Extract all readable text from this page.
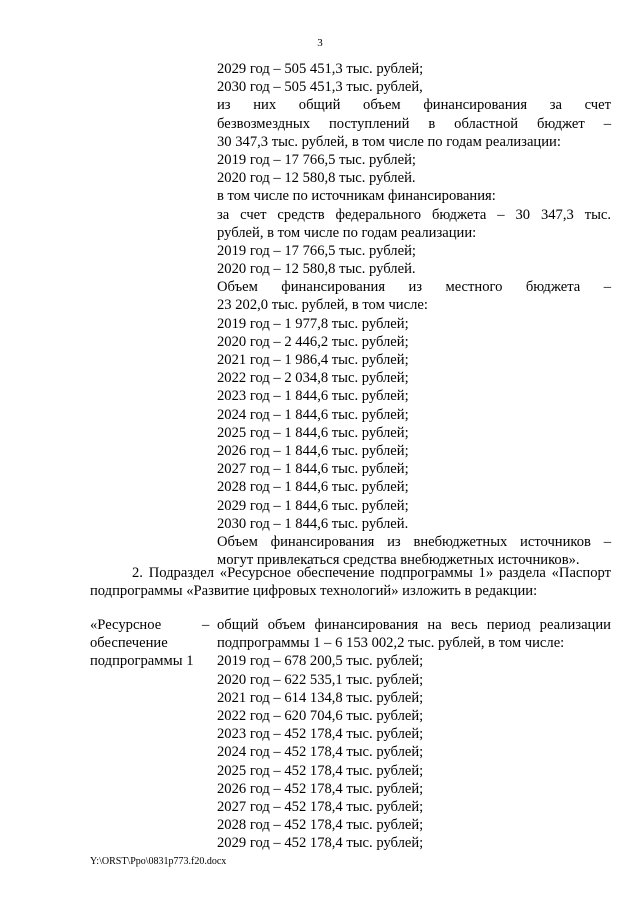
3
2029 год – 505 451,3 тыс. рублей;
2030 год – 505 451,3 тыс. рублей,
из них общий объем финансирования за счет
безвозмездных поступлений в областной бюджет –
30 347,3 тыс. рублей, в том числе по годам реализации:
2019 год – 17 766,5 тыс. рублей;
2020 год – 12 580,8 тыс. рублей.
в том числе по источникам финансирования:
за счет средств федерального бюджета – 30 347,3 тыс.
рублей, в том числе по годам реализации:
2019 год – 17 766,5 тыс. рублей;
2020 год – 12 580,8 тыс. рублей.
Объем финансирования из местного бюджета –
23 202,0 тыс. рублей, в том числе:
2019 год – 1 977,8 тыс. рублей;
2020 год – 2 446,2 тыс. рублей;
2021 год – 1 986,4 тыс. рублей;
2022 год – 2 034,8 тыс. рублей;
2023 год – 1 844,6 тыс. рублей;
2024 год – 1 844,6 тыс. рублей;
2025 год – 1 844,6 тыс. рублей;
2026 год – 1 844,6 тыс. рублей;
2027 год – 1 844,6 тыс. рублей;
2028 год – 1 844,6 тыс. рублей;
2029 год – 1 844,6 тыс. рублей;
2030 год – 1 844,6 тыс. рублей.
Объем финансирования из внебюджетных источников –
могут привлекаться средства внебюджетных источников».
2. Подраздел «Ресурсное обеспечение подпрограммы 1» раздела «Паспорт
подпрограммы «Развитие цифровых технологий» изложить в редакции:
«Ресурсное
обеспечение
подпрограммы 1
– общий объем финансирования на весь период реализации
подпрограммы 1 – 6 153 002,2 тыс. рублей, в том числе:
2019 год – 678 200,5 тыс. рублей;
2020 год – 622 535,1 тыс. рублей;
2021 год – 614 134,8 тыс. рублей;
2022 год – 620 704,6 тыс. рублей;
2023 год – 452 178,4 тыс. рублей;
2024 год – 452 178,4 тыс. рублей;
2025 год – 452 178,4 тыс. рублей;
2026 год – 452 178,4 тыс. рублей;
2027 год – 452 178,4 тыс. рублей;
2028 год – 452 178,4 тыс. рублей;
2029 год – 452 178,4 тыс. рублей;
Y:\ORST\Ppo\0831p773.f20.docx
